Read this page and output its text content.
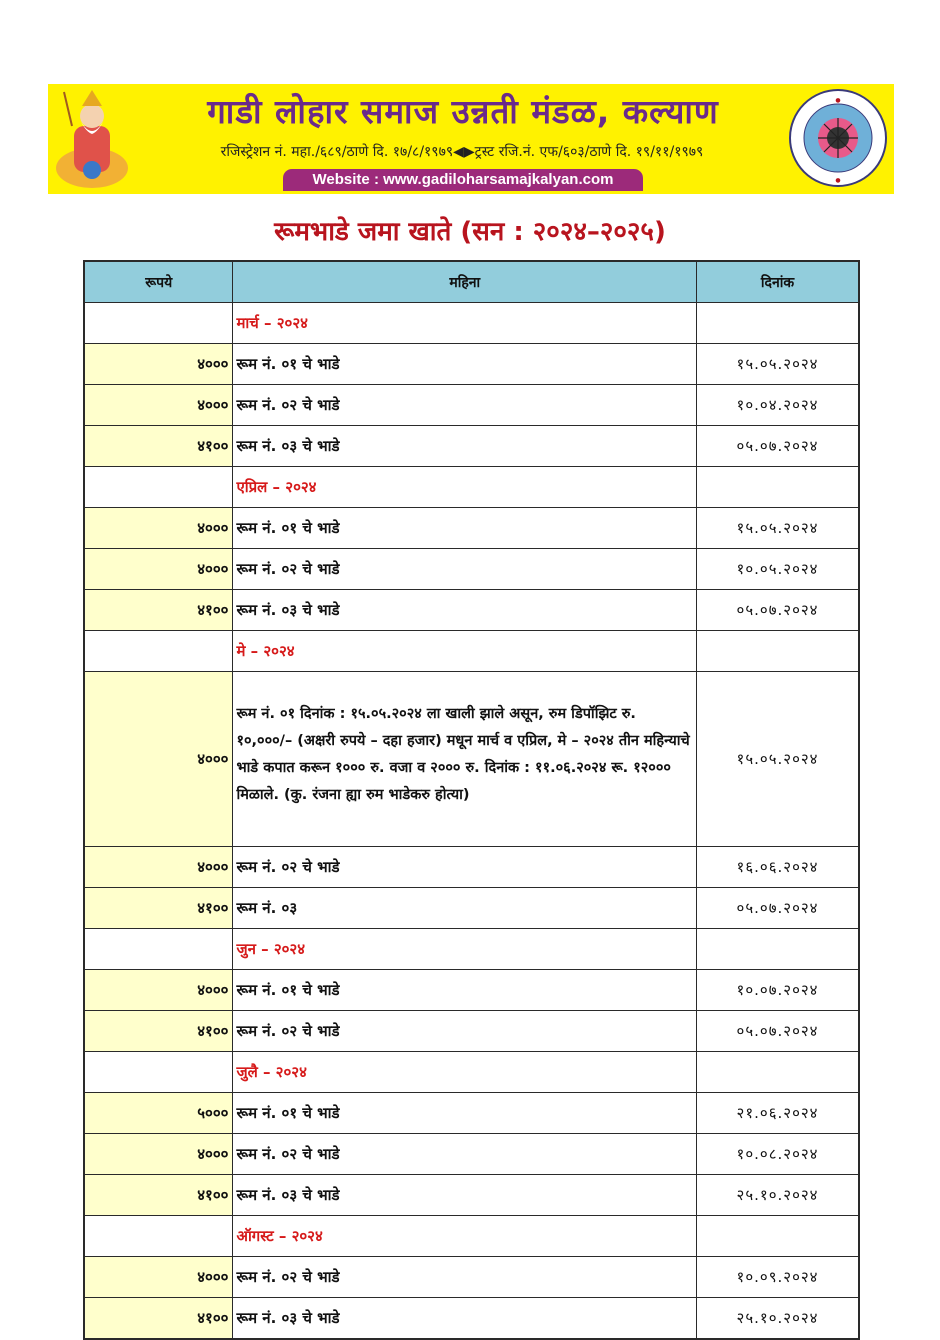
गाडी लोहार समाज उन्नती मंडळ, कल्याण
रजिस्ट्रेशन नं. महा./६८९/ठाणे दि. १७/८/१९७९◀▶ट्रस्ट रजि.नं. एफ/६०३/ठाणे दि. १९/११/१९७९
Website : www.gadiloharsamajkalyan.com
●
●
रूमभाडे जमा खाते (सन : २०२४–२०२५)
रूपये	महिना	दिनांक
	मार्च – २०२४	
४०००	रूम नं. ०१ चे भाडे	१५.०५.२०२४
४०००	रूम नं. ०२ चे भाडे	१०.०४.२०२४
४१००	रूम नं. ०३ चे भाडे	०५.०७.२०२४
	एप्रिल – २०२४	
४०००	रूम नं. ०१ चे भाडे	१५.०५.२०२४
४०००	रूम नं. ०२ चे भाडे	१०.०५.२०२४
४१००	रूम नं. ०३ चे भाडे	०५.०७.२०२४
	मे – २०२४	
४०००	रूम नं. ०१ दिनांक : १५.०५.२०२४ ला खाली झाले असून, रुम डिपॉझिट रु. १०,०००/– (अक्षरी रुपये – दहा हजार) मधून मार्च व एप्रिल, मे – २०२४ तीन महिन्याचे भाडे कपात करून १००० रु. वजा व २००० रु. दिनांक : ११.०६.२०२४ रू. १२००० मिळाले. (कु. रंजना ह्या रुम भाडेकरु होत्या)	१५.०५.२०२४
४०००	रूम नं. ०२ चे भाडे	१६.०६.२०२४
४१००	रूम नं. ०३	०५.०७.२०२४
	जुन – २०२४	
४०००	रूम नं. ०१ चे भाडे	१०.०७.२०२४
४१००	रूम नं. ०२ चे भाडे	०५.०७.२०२४
	जुलै – २०२४	
५०००	रूम नं. ०१ चे भाडे	२१.०६.२०२४
४०००	रूम नं. ०२ चे भाडे	१०.०८.२०२४
४१००	रूम नं. ०३ चे भाडे	२५.१०.२०२४
	ऑगस्ट – २०२४	
४०००	रूम नं. ०२ चे भाडे	१०.०९.२०२४
४१००	रूम नं. ०३ चे भाडे	२५.१०.२०२४
